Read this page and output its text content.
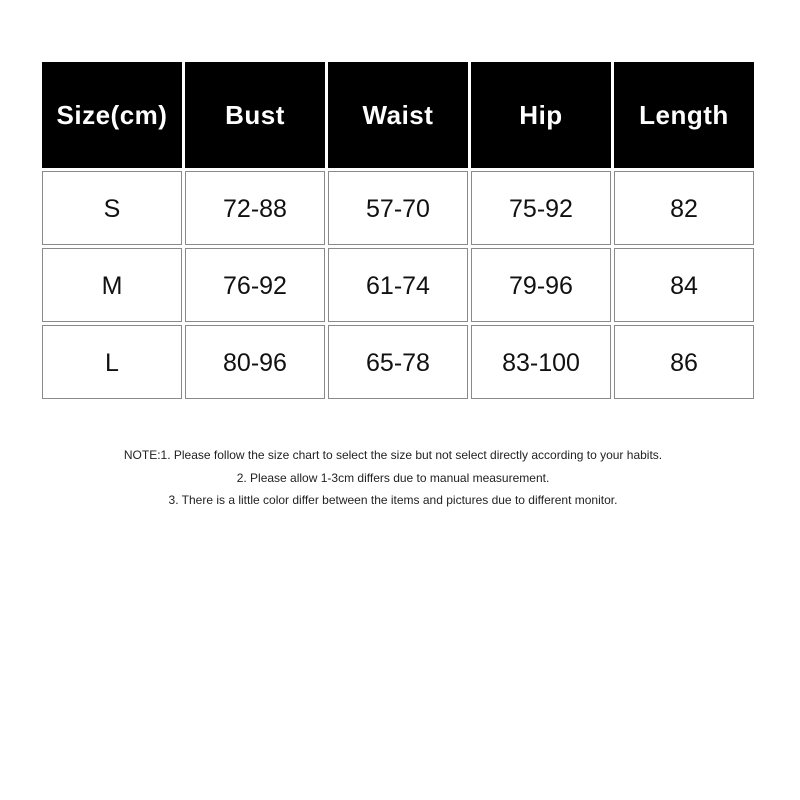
Size(cm)	Bust	Waist	Hip	Length
S	72-88	57-70	75-92	82
M	76-92	61-74	79-96	84
L	80-96	65-78	83-100	86
NOTE:1. Please follow the size chart to select the size but not select directly according to your habits.
2. Please allow 1-3cm differs due to manual measurement.
3. There is a little color differ between the items and pictures due to different monitor.
